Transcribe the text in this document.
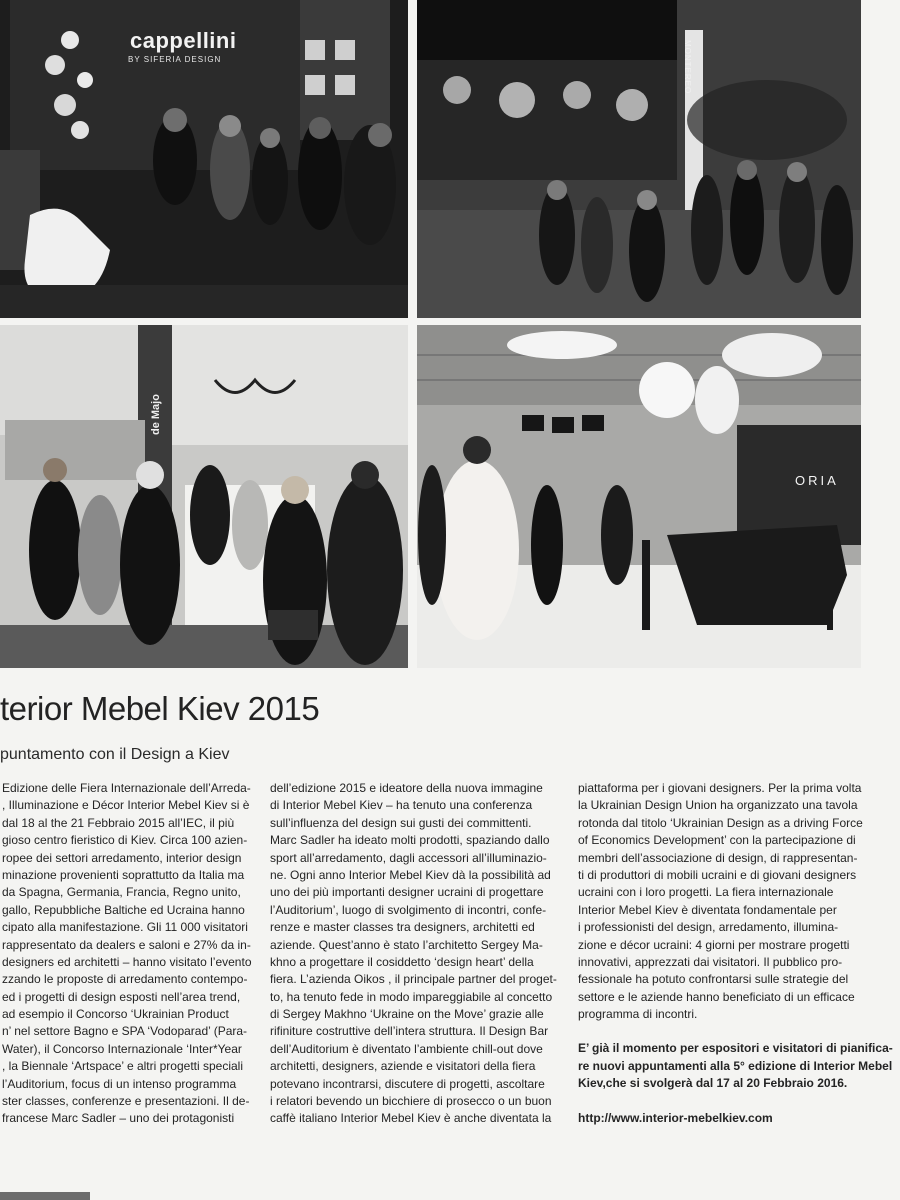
cappellini
BY SIFERIA DESIGN	MONTEREO
de Majo
ORIA
terior Mebel Kiev 2015
puntamento con il Design a Kiev
Edizione delle Fiera Internazionale dell’Arreda-
, Illuminazione e Décor Interior Mebel Kiev si è
dal 18 al the 21 Febbraio 2015 all’IEC, il più
gioso centro fieristico di Kiev. Circa 100 azien-
ropee dei settori arredamento, interior design
minazione provenienti soprattutto da Italia ma
da Spagna, Germania, Francia, Regno unito,
gallo, Repubbliche Baltiche ed Ucraina hanno
cipato alla manifestazione. Gli 11 000 visitatori
rappresentato da dealers e saloni e 27% da in-
designers ed architetti – hanno visitato l’evento
zzando le proposte di arredamento contempo-
ed i progetti di design esposti nell’area trend,
ad esempio il Concorso ‘Ukrainian Product
n’ nel settore Bagno e SPA ‘Vodoparad’ (Para-
Water), il Concorso Internazionale ‘Inter*Year
, la Biennale ‘Artspace’ e altri progetti speciali
l’Auditorium, focus di un intenso programma
ster classes, conferenze e presentazioni. Il de-
francese Marc Sadler – uno dei protagonisti
dell’edizione 2015 e ideatore della nuova immagine
di Interior Mebel Kiev – ha tenuto una conferenza
sull’influenza del design sui gusti dei committenti.
Marc Sadler ha ideato molti prodotti, spaziando dallo
sport all’arredamento, dagli accessori all’illuminazio-
ne. Ogni anno Interior Mebel Kiev dà la possibilità ad
uno dei più importanti designer ucraini di progettare
l’Auditorium’, luogo di svolgimento di incontri, confe-
renze e master classes tra designers, architetti ed
aziende. Quest’anno è stato l’architetto Sergey Ma-
khno a progettare il cosiddetto ‘design heart’ della
fiera. L’azienda Oikos , il principale partner del proget-
to, ha tenuto fede in modo impareggiabile al concetto
di Sergey Makhno ‘Ukraine on the Move’ grazie alle
rifiniture costruttive dell’intera struttura. Il Design Bar
dell’Auditorium è diventato l’ambiente chill-out dove
architetti, designers, aziende e visitatori della fiera
potevano incontrarsi, discutere di progetti, ascoltare
i relatori bevendo un bicchiere di prosecco o un buon
caffè italiano Interior Mebel Kiev è anche diventata la
piattaforma per i giovani designers. Per la prima volta
la Ukrainian Design Union ha organizzato una tavola
rotonda dal titolo ‘Ukrainian Design as a driving Force
of Economics Development’ con la partecipazione di
membri dell’associazione di design, di rappresentan-
ti di produttori di mobili ucraini e di giovani designers
ucraini con i loro progetti. La fiera internazionale
Interior Mebel Kiev è diventata fondamentale per
i professionisti del design, arredamento, illumina-
zione e décor ucraini: 4 giorni per mostrare progetti
innovativi, apprezzati dai visitatori. Il pubblico pro-
fessionale ha potuto confrontarsi sulle strategie del
settore e le aziende hanno beneficiato di un efficace
programma di incontri.
E’ già il momento per espositori e visitatori di pianifica-
re nuovi appuntamenti alla 5° edizione di Interior Mebel
Kiev,che si svolgerà dal 17 al 20 Febbraio 2016.
http://www.interior-mebelkiev.com
